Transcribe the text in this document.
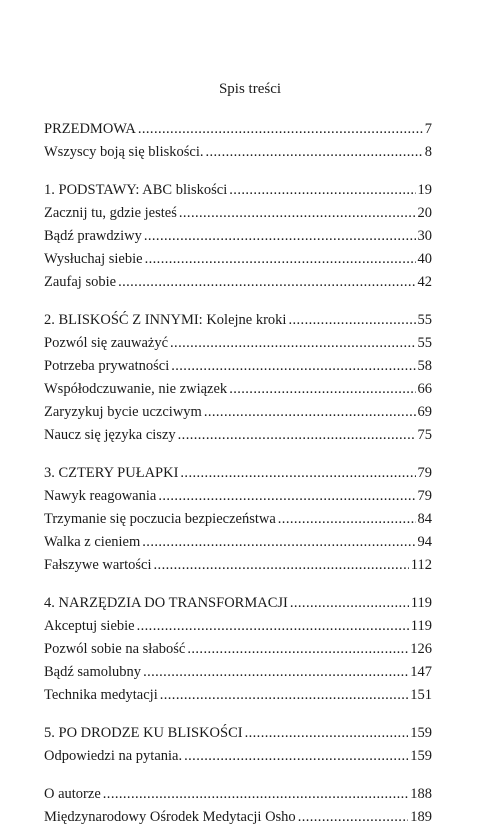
Spis treści
PRZEDMOWA .....	7
Wszyscy boją się bliskości. .....	8
1. PODSTAWY: ABC bliskości .....	19
Zacznij tu, gdzie jesteś .....	20
Bądź prawdziwy .....	30
Wysłuchaj siebie .....	40
Zaufaj sobie .....	42
2. BLISKOŚĆ Z INNYMI: Kolejne kroki .....	55
Pozwól się zauważyć .....	55
Potrzeba prywatności .....	58
Współodczuwanie, nie związek .....	66
Zaryzykuj bycie uczciwym .....	69
Naucz się języka ciszy .....	75
3. CZTERY PUŁAPKI .....	79
Nawyk reagowania .....	79
Trzymanie się poczucia bezpieczeństwa .....	84
Walka z cieniem .....	94
Fałszywe wartości .....	112
4. NARZĘDZIA DO TRANSFORMACJI .....	119
Akceptuj siebie .....	119
Pozwól sobie na słabość .....	126
Bądź samolubny .....	147
Technika medytacji .....	151
5. PO DRODZE KU BLISKOŚCI .....	159
Odpowiedzi na pytania. .....	159
O autorze .....	188
Międzynarodowy Ośrodek Medytacji Osho .....	189
